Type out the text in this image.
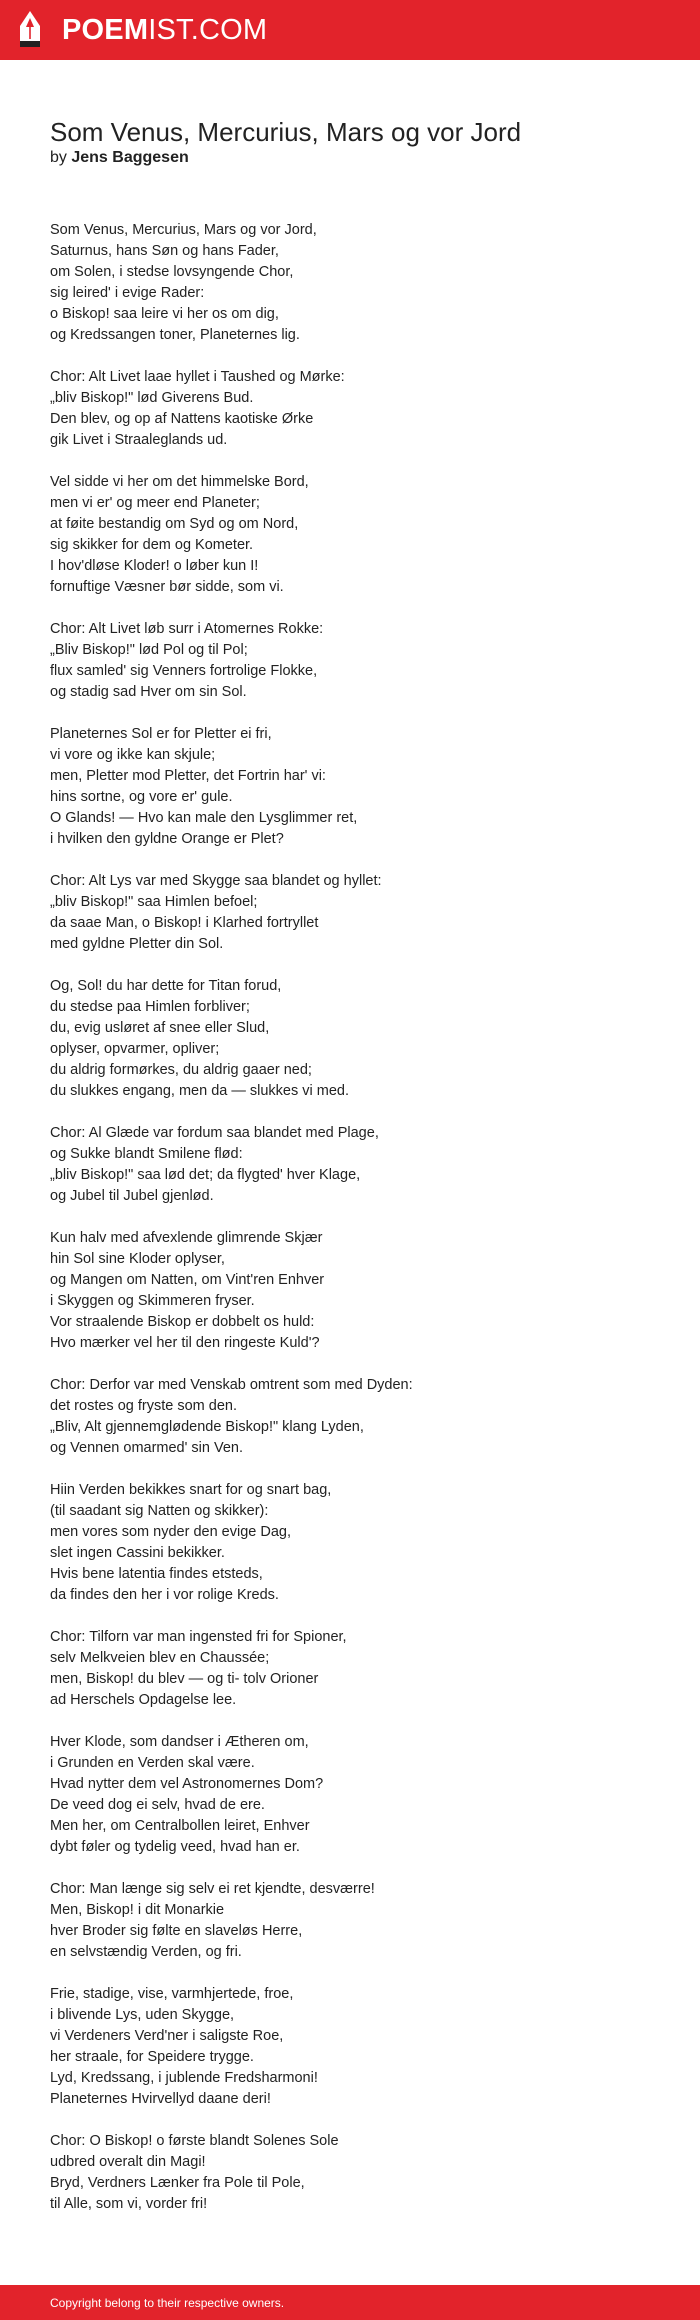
POEMIST.COM
Som Venus, Mercurius, Mars og vor Jord
by Jens Baggesen

Som Venus, Mercurius, Mars og vor Jord,
Saturnus, hans Søn og hans Fader,
om Solen, i stedse lovsyngende Chor,
sig leired' i evige Rader:
o Biskop! saa leire vi her os om dig,
og Kredssangen toner, Planeternes lig.

Chor: Alt Livet laae hyllet i Taushed og Mørke:
„bliv Biskop!" lød Giverens Bud.
Den blev, og op af Nattens kaotiske Ørke
gik Livet i Straaleglands ud.

Vel sidde vi her om det himmelske Bord,
men vi er' og meer end Planeter;
at føite bestandig om Syd og om Nord,
sig skikker for dem og Kometer.
I hov'dløse Kloder! o løber kun I!
fornuftige Væsner bør sidde, som vi.

Chor: Alt Livet løb surr i Atomernes Rokke:
„Bliv Biskop!" lød Pol og til Pol;
flux samled' sig Venners fortrolige Flokke,
og stadig sad Hver om sin Sol.

Planeternes Sol er for Pletter ei fri,
vi vore og ikke kan skjule;
men, Pletter mod Pletter, det Fortrin har' vi:
hins sortne, og vore er' gule.
O Glands! — Hvo kan male den Lysglimmer ret,
i hvilken den gyldne Orange er Plet?

Chor: Alt Lys var med Skygge saa blandet og hyllet:
„bliv Biskop!" saa Himlen befoel;
da saae Man, o Biskop! i Klarhed fortryllet
med gyldne Pletter din Sol.

Og, Sol! du har dette for Titan forud,
du stedse paa Himlen forbliver;
du, evig usløret af snee eller Slud,
oplyser, opvarmer, opliver;
du aldrig formørkes, du aldrig gaaer ned;
du slukkes engang, men da — slukkes vi med.

Chor: Al Glæde var fordum saa blandet med Plage,
og Sukke blandt Smilene flød:
„bliv Biskop!" saa lød det; da flygted' hver Klage,
og Jubel til Jubel gjenlød.

Kun halv med afvexlende glimrende Skjær
hin Sol sine Kloder oplyser,
og Mangen om Natten, om Vint'ren Enhver
i Skyggen og Skimmeren fryser.
Vor straalende Biskop er dobbelt os huld:
Hvo mærker vel her til den ringeste Kuld'?

Chor: Derfor var med Venskab omtrent som med Dyden:
det rostes og fryste som den.
„Bliv, Alt gjennemglødende Biskop!" klang Lyden,
og Vennen omarmed' sin Ven.

Hiin Verden bekikkes snart for og snart bag,
(til saadant sig Natten og skikker):
men vores som nyder den evige Dag,
slet ingen Cassini bekikker.
Hvis bene latentia findes etsteds,
da findes den her i vor rolige Kreds.

Chor: Tilforn var man ingensted fri for Spioner,
selv Melkveien blev en Chaussée;
men, Biskop! du blev — og ti- tolv Orioner
ad Herschels Opdagelse lee.

Hver Klode, som dandser i Ætheren om,
i Grunden en Verden skal være.
Hvad nytter dem vel Astronomernes Dom?
De veed dog ei selv, hvad de ere.
Men her, om Centralbollen leiret, Enhver
dybt føler og tydelig veed, hvad han er.

Chor: Man længe sig selv ei ret kjendte, desværre!
Men, Biskop! i dit Monarkie
hver Broder sig følte en slaveløs Herre,
en selvstændig Verden, og fri.

Frie, stadige, vise, varmhjertede, froe,
i blivende Lys, uden Skygge,
vi Verdeners Verd'ner i saligste Roe,
her straale, for Speidere trygge.
Lyd, Kredssang, i jublende Fredsharmoni!
Planeternes Hvirvellyd daane deri!

Chor: O Biskop! o første blandt Solenes Sole
udbred overalt din Magi!
Bryd, Verdners Lænker fra Pole til Pole,
til Alle, som vi, vorder fri!

Copyright belong to their respective owners.
